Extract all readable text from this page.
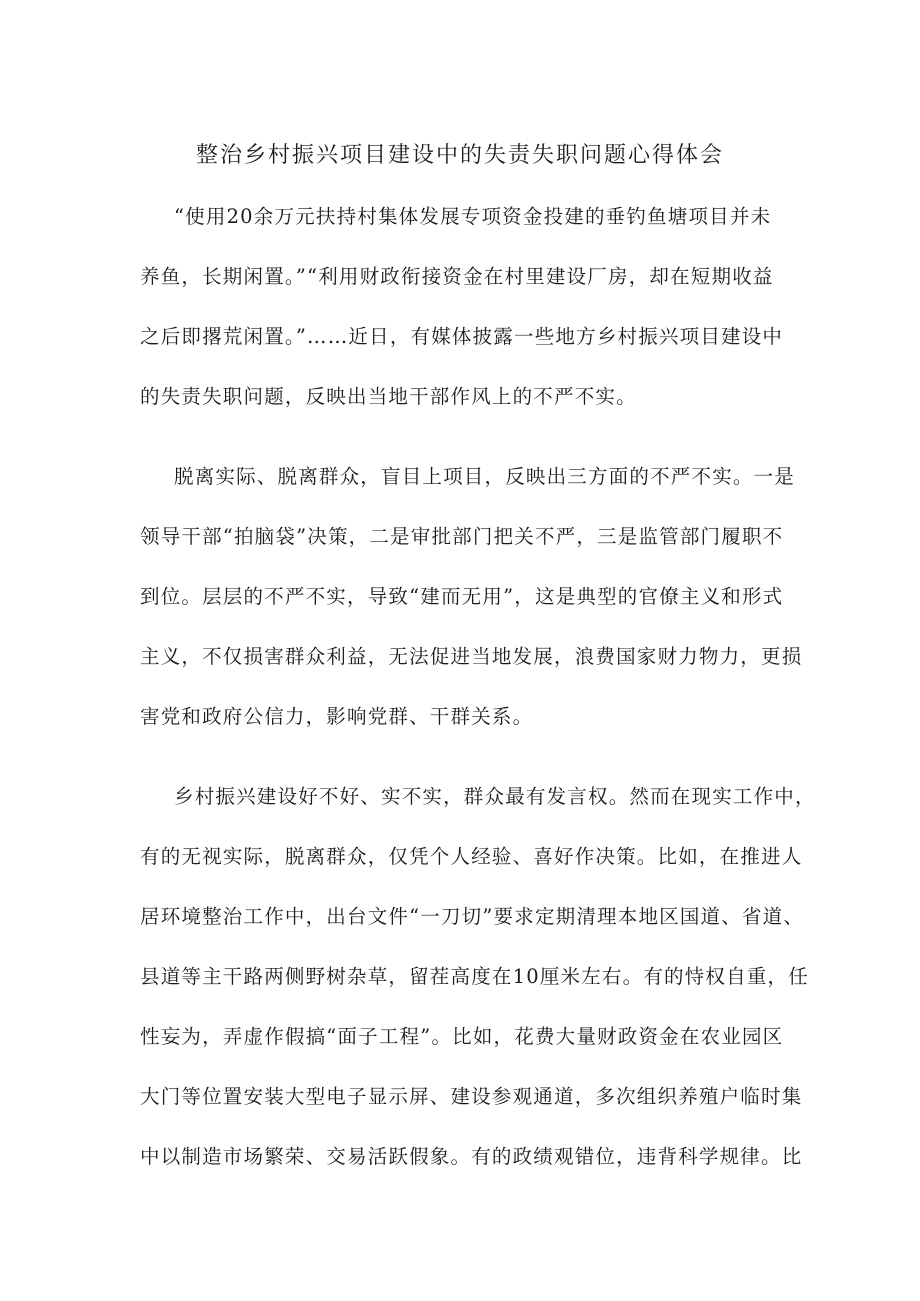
整治乡村振兴项目建设中的失责失职问题心得体会
“使用20余万元扶持村集体发展专项资金投建的垂钓鱼塘项目并未
养鱼，长期闲置。”“利用财政衔接资金在村里建设厂房，却在短期收益
之后即撂荒闲置。”……近日，有媒体披露一些地方乡村振兴项目建设中
的失责失职问题，反映出当地干部作风上的不严不实。
脱离实际、脱离群众，盲目上项目，反映出三方面的不严不实。一是
领导干部“拍脑袋”决策，二是审批部门把关不严，三是监管部门履职不
到位。层层的不严不实，导致“建而无用”，这是典型的官僚主义和形式
主义，不仅损害群众利益，无法促进当地发展，浪费国家财力物力，更损
害党和政府公信力，影响党群、干群关系。
乡村振兴建设好不好、实不实，群众最有发言权。然而在现实工作中，
有的无视实际，脱离群众，仅凭个人经验、喜好作决策。比如，在推进人
居环境整治工作中，出台文件“一刀切”要求定期清理本地区国道、省道、
县道等主干路两侧野树杂草，留茬高度在10厘米左右。有的恃权自重，任
性妄为，弄虚作假搞“面子工程”。比如，花费大量财政资金在农业园区
大门等位置安装大型电子显示屏、建设参观通道，多次组织养殖户临时集
中以制造市场繁荣、交易活跃假象。有的政绩观错位，违背科学规律。比
